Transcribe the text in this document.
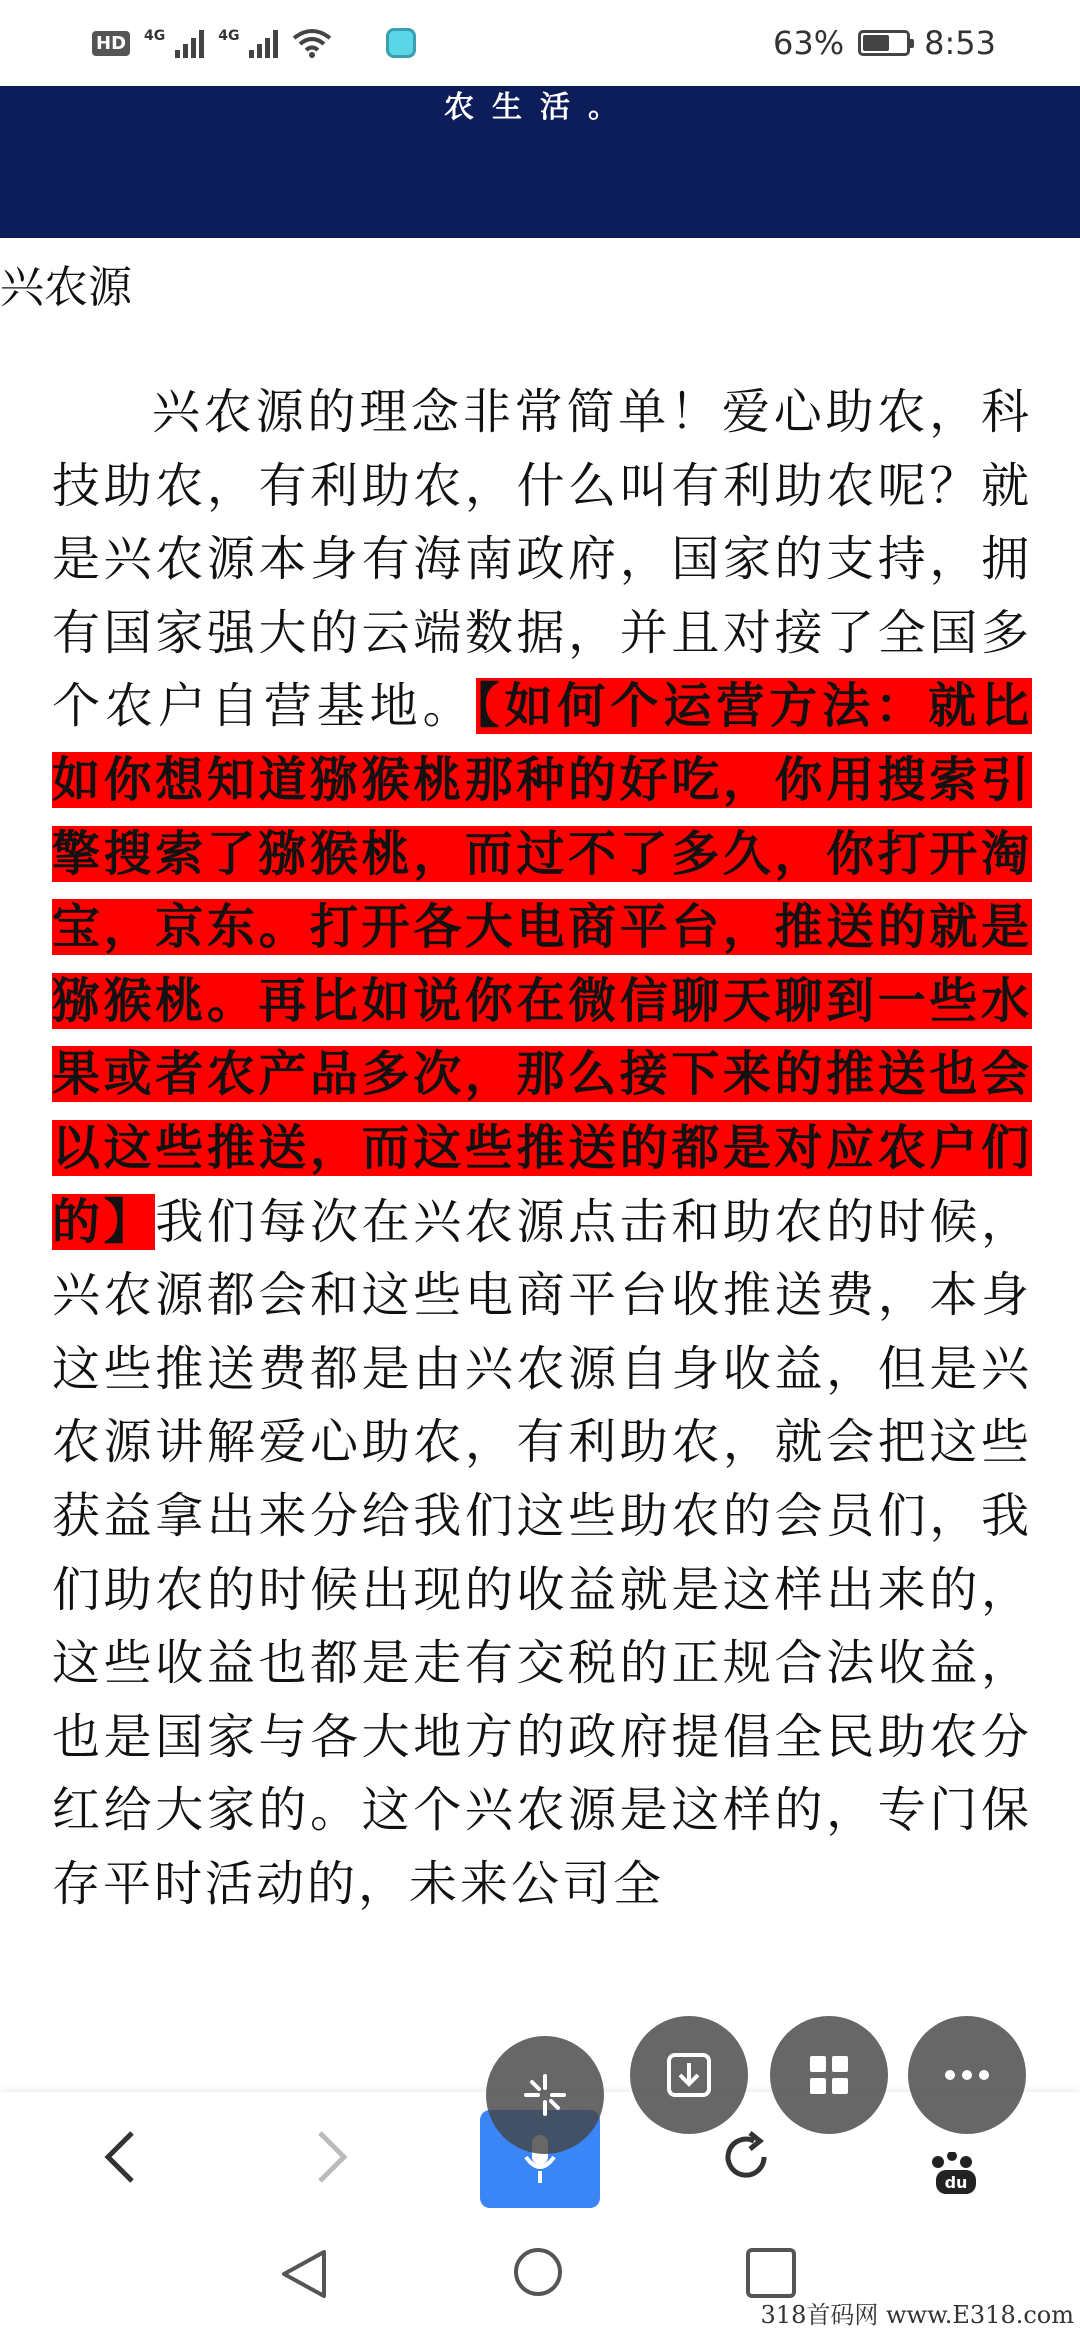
HD 4G	4G	63%	8:53
农生活。
兴农源

兴农源的理念非常简单！爱心助农，科技助农，有利助农，什么叫有利助农呢？就是兴农源本身有海南政府，国家的支持，拥有国家强大的云端数据，并且对接了全国多个农户自营基地。【如何个运营方法：就比如你想知道猕猴桃那种的好吃，你用搜索引擎搜索了猕猴桃，而过不了多久，你打开淘宝，京东。打开各大电商平台，推送的就是猕猴桃。再比如说你在微信聊天聊到一些水果或者农产品多次，那么接下来的推送也会以这些推送，而这些推送的都是对应农户们的】我们每次在兴农源点击和助农的时候，兴农源都会和这些电商平台收推送费，本身这些推送费都是由兴农源自身收益，但是兴农源讲解爱心助农，有利助农，就会把这些获益拿出来分给我们这些助农的会员们，我们助农的时候出现的收益就是这样出来的，这些收益也都是走有交税的正规合法收益，也是国家与各大地方的政府提倡全民助农分红给大家的。这个兴农源是这样的，专门保存平时活动的，未来公司全

du
318首码网 www.E318.com
